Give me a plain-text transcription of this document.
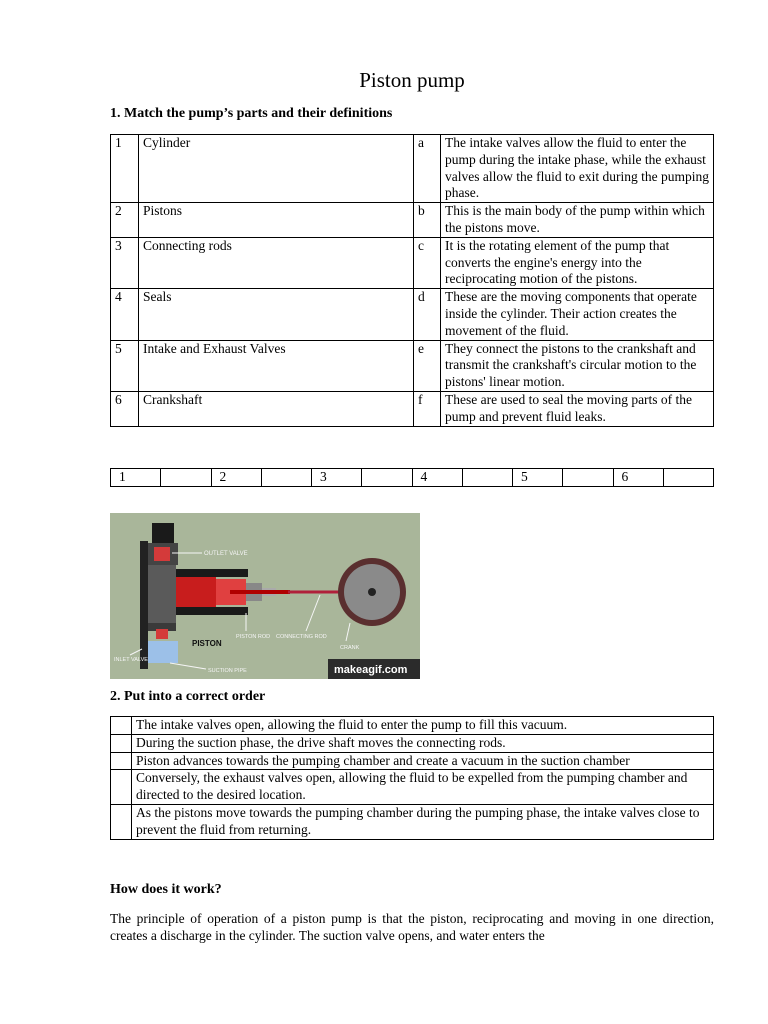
Piston pump
1. Match the pump’s parts and their definitions
1	Cylinder	a	The intake valves allow the fluid to enter the pump during the intake phase, while the exhaust valves allow the fluid to exit during the pumping phase.
2	Pistons	b	This is the main body of the pump within which the pistons move.
3	Connecting rods	c	It is the rotating element of the pump that converts the engine's energy into the reciprocating motion of the pistons.
4	Seals	d	These are the moving components that operate inside the cylinder. Their action creates the movement of the fluid.
5	Intake and Exhaust Valves	e	They connect the pistons to the crankshaft and transmit the crankshaft's circular motion to the pistons' linear motion.
6	Crankshaft	f	These are used to seal the moving parts of the pump and prevent fluid leaks.
1		2		3		4		5		6	
OUTLET VALVE
PISTON
PISTON ROD CONNECTING ROD
CRANK
INLET VALVE
SUCTION PIPE	makeagif.com
2. Put into a correct order
	The intake valves open, allowing the fluid to enter the pump to fill this vacuum.
	During the suction phase, the drive shaft moves the connecting rods.
	Piston advances towards the pumping chamber and create a vacuum in the suction chamber
	Conversely, the exhaust valves open, allowing the fluid to be expelled from the pumping chamber and directed to the desired location.
	As the pistons move towards the pumping chamber during the pumping phase, the intake valves close to prevent the fluid from returning.
How does it work?

The principle of operation of a piston pump is that the piston, reciprocating and moving in one direction, creates a discharge in the cylinder. The suction valve opens, and water enters the
